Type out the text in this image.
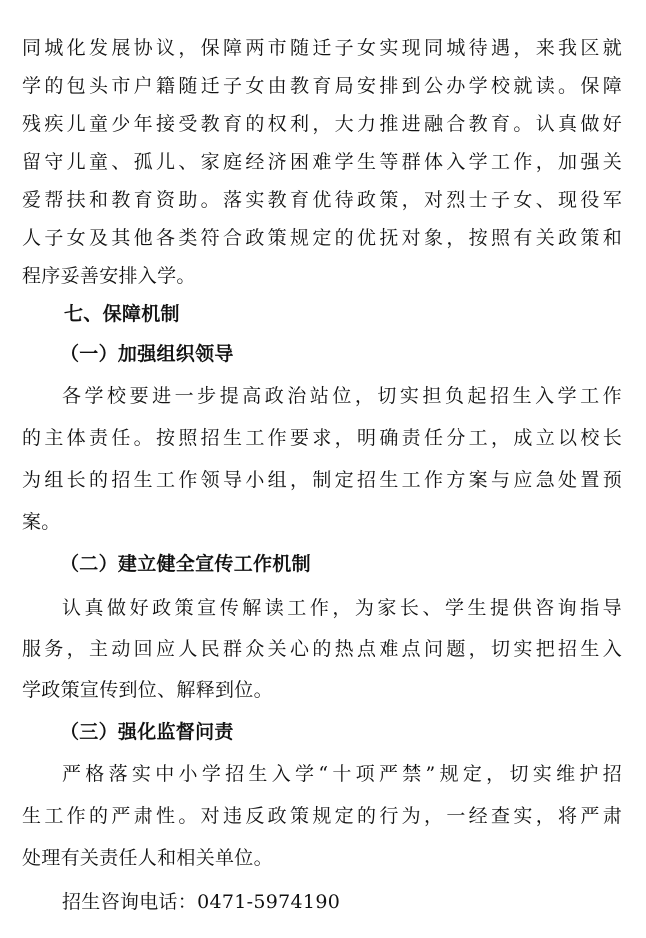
同城化发展协议，保障两市随迁子女实现同城待遇，来我区就
学的包头市户籍随迁子女由教育局安排到公办学校就读。保障
残疾儿童少年接受教育的权利，大力推进融合教育。认真做好
留守儿童、孤儿、家庭经济困难学生等群体入学工作，加强关
爱帮扶和教育资助。落实教育优待政策，对烈士子女、现役军
人子女及其他各类符合政策规定的优抚对象，按照有关政策和
程序妥善安排入学。
七、保障机制
（一）加强组织领导
各学校要进一步提高政治站位，切实担负起招生入学工作
的主体责任。按照招生工作要求，明确责任分工，成立以校长
为组长的招生工作领导小组，制定招生工作方案与应急处置预
案。
（二）建立健全宣传工作机制
认真做好政策宣传解读工作，为家长、学生提供咨询指导
服务，主动回应人民群众关心的热点难点问题，切实把招生入
学政策宣传到位、解释到位。
（三）强化监督问责
严格落实中小学招生入学“十项严禁”规定，切实维护招
生工作的严肃性。对违反政策规定的行为，一经查实，将严肃
处理有关责任人和相关单位。
招生咨询电话：0471-5974190
